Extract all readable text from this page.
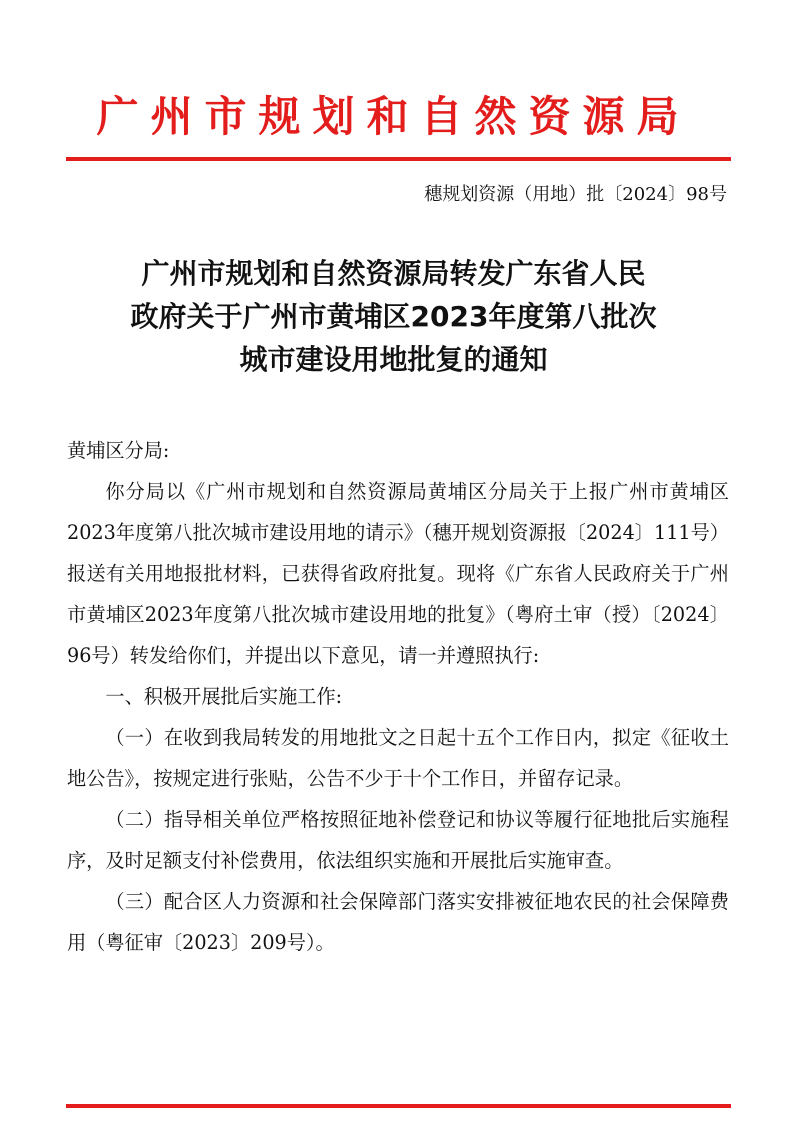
广州市规划和自然资源局
穗规划资源（用地）批〔2024〕98号
广州市规划和自然资源局转发广东省人民
政府关于广州市黄埔区2023年度第八批次
城市建设用地批复的通知

黄埔区分局:

你分局以《广州市规划和自然资源局黄埔区分局关于上报广州市黄埔区2023年度第八批次城市建设用地的请示》（穗开规划资源报〔2024〕111号）报送有关用地报批材料，已获得省政府批复。现将《广东省人民政府关于广州市黄埔区2023年度第八批次城市建设用地的批复》（粤府土审（授）〔2024〕96号）转发给你们，并提出以下意见，请一并遵照执行:

一、积极开展批后实施工作:

（一）在收到我局转发的用地批文之日起十五个工作日内，拟定《征收土地公告》，按规定进行张贴，公告不少于十个工作日，并留存记录。

（二）指导相关单位严格按照征地补偿登记和协议等履行征地批后实施程序，及时足额支付补偿费用，依法组织实施和开展批后实施审查。

（三）配合区人力资源和社会保障部门落实安排被征地农民的社会保障费用（粤征审〔2023〕209号）。
